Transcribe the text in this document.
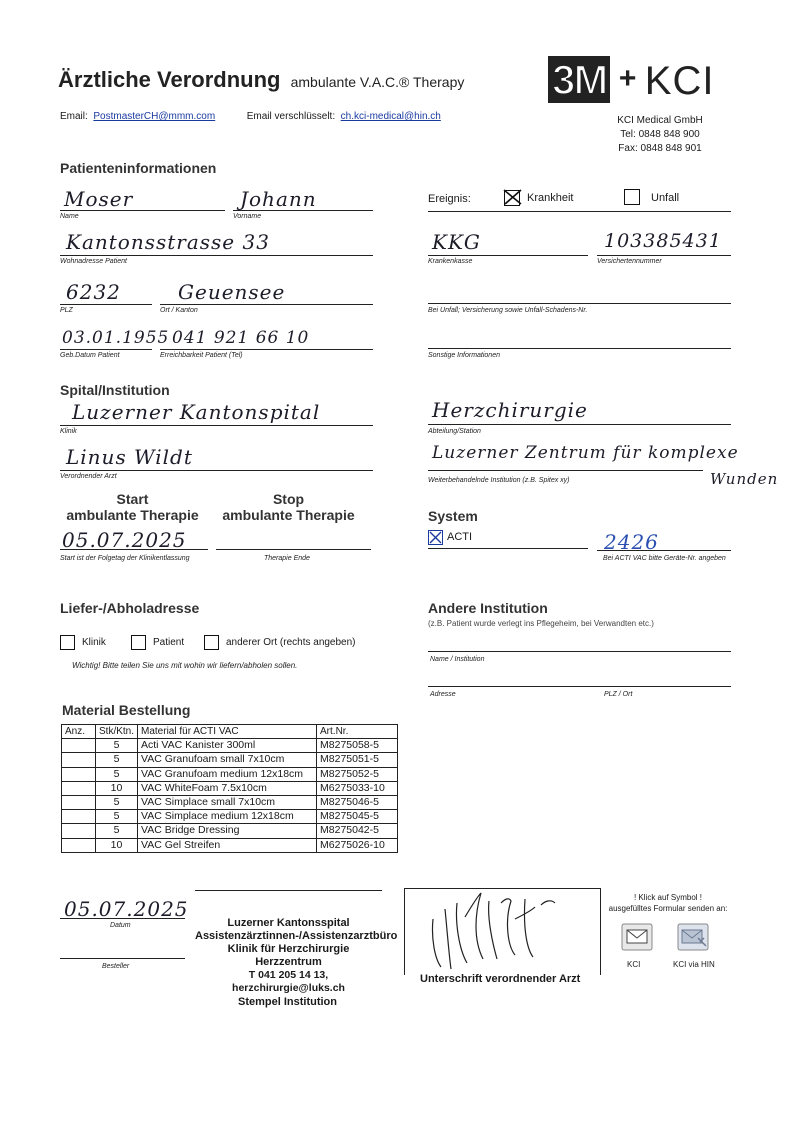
Ärztliche Verordnung ambulante V.A.C.® Therapy 3M + KCI
KCI Medical GmbH
Tel: 0848 848 900
Fax: 0848 848 901
Email: PostmasterCH@mmm.com	Email verschlüsselt: ch.kci-medical@hin.ch
Patienteninformationen
Moser
Name
Johann
Vorname
Kantonsstrasse 33
Wohnadresse Patient
6232
PLZ
Geuensee
Ort / Kanton
03.01.1955
Geb.Datum Patient
041 921 66 10
Erreichbarkeit Patient (Tel)
Ereignis:	Krankheit	Unfall
KKG
Krankenkasse
103385431
Versichertennummer
Bei Unfall; Versicherung sowie Unfall-Schadens-Nr.
Sonstige Informationen
Spital/Institution
Luzerner Kantonspital
Klinik
Linus Wildt
Verordnender Arzt
Herzchirurgie
Abteilung/Station
Luzerner Zentrum für komplexe
Wunden
Weiterbehandelnde Institution (z.B. Spitex xy)
Start
ambulante Therapie
Stop
ambulante Therapie
05.07.2025
Start ist der Folgetag der Klinikentlassung	Therapie Ende
System
ACTI	2426
Bei ACTI VAC bitte Geräte-Nr. angeben
Liefer-/Abholadresse
Klinik	Patient	anderer Ort (rechts angeben)
Wichtig! Bitte teilen Sie uns mit wohin wir liefern/abholen sollen.
Andere Institution
(z.B. Patient wurde verlegt ins Pflegeheim, bei Verwandten etc.)
Name / Institution
Adresse	PLZ / Ort
Material Bestellung
Anz.	Stk/Ktn.	Material für ACTI VAC	Art.Nr.
	5	Acti VAC Kanister 300ml	M8275058-5
	5	VAC Granufoam small 7x10cm	M8275051-5
	5	VAC Granufoam medium 12x18cm	M8275052-5
	10	VAC WhiteFoam 7.5x10cm	M6275033-10
	5	VAC Simplace small 7x10cm	M8275046-5
	5	VAC Simplace medium 12x18cm	M8275045-5
	5	VAC Bridge Dressing	M8275042-5
	10	VAC Gel Streifen	M6275026-10
05.07.2025
Datum
Besteller
Luzerner Kantonsspital
Assistenzärztinnen-/Assistenzarztbüro
Klinik für Herzchirurgie Herzzentrum
T 041 205 14 13, herzchirurgie@luks.ch
Stempel Institution
Unterschrift verordnender Arzt
! Klick auf Symbol !
ausgefülltes Formular senden an:
KCI	KCI via HIN
